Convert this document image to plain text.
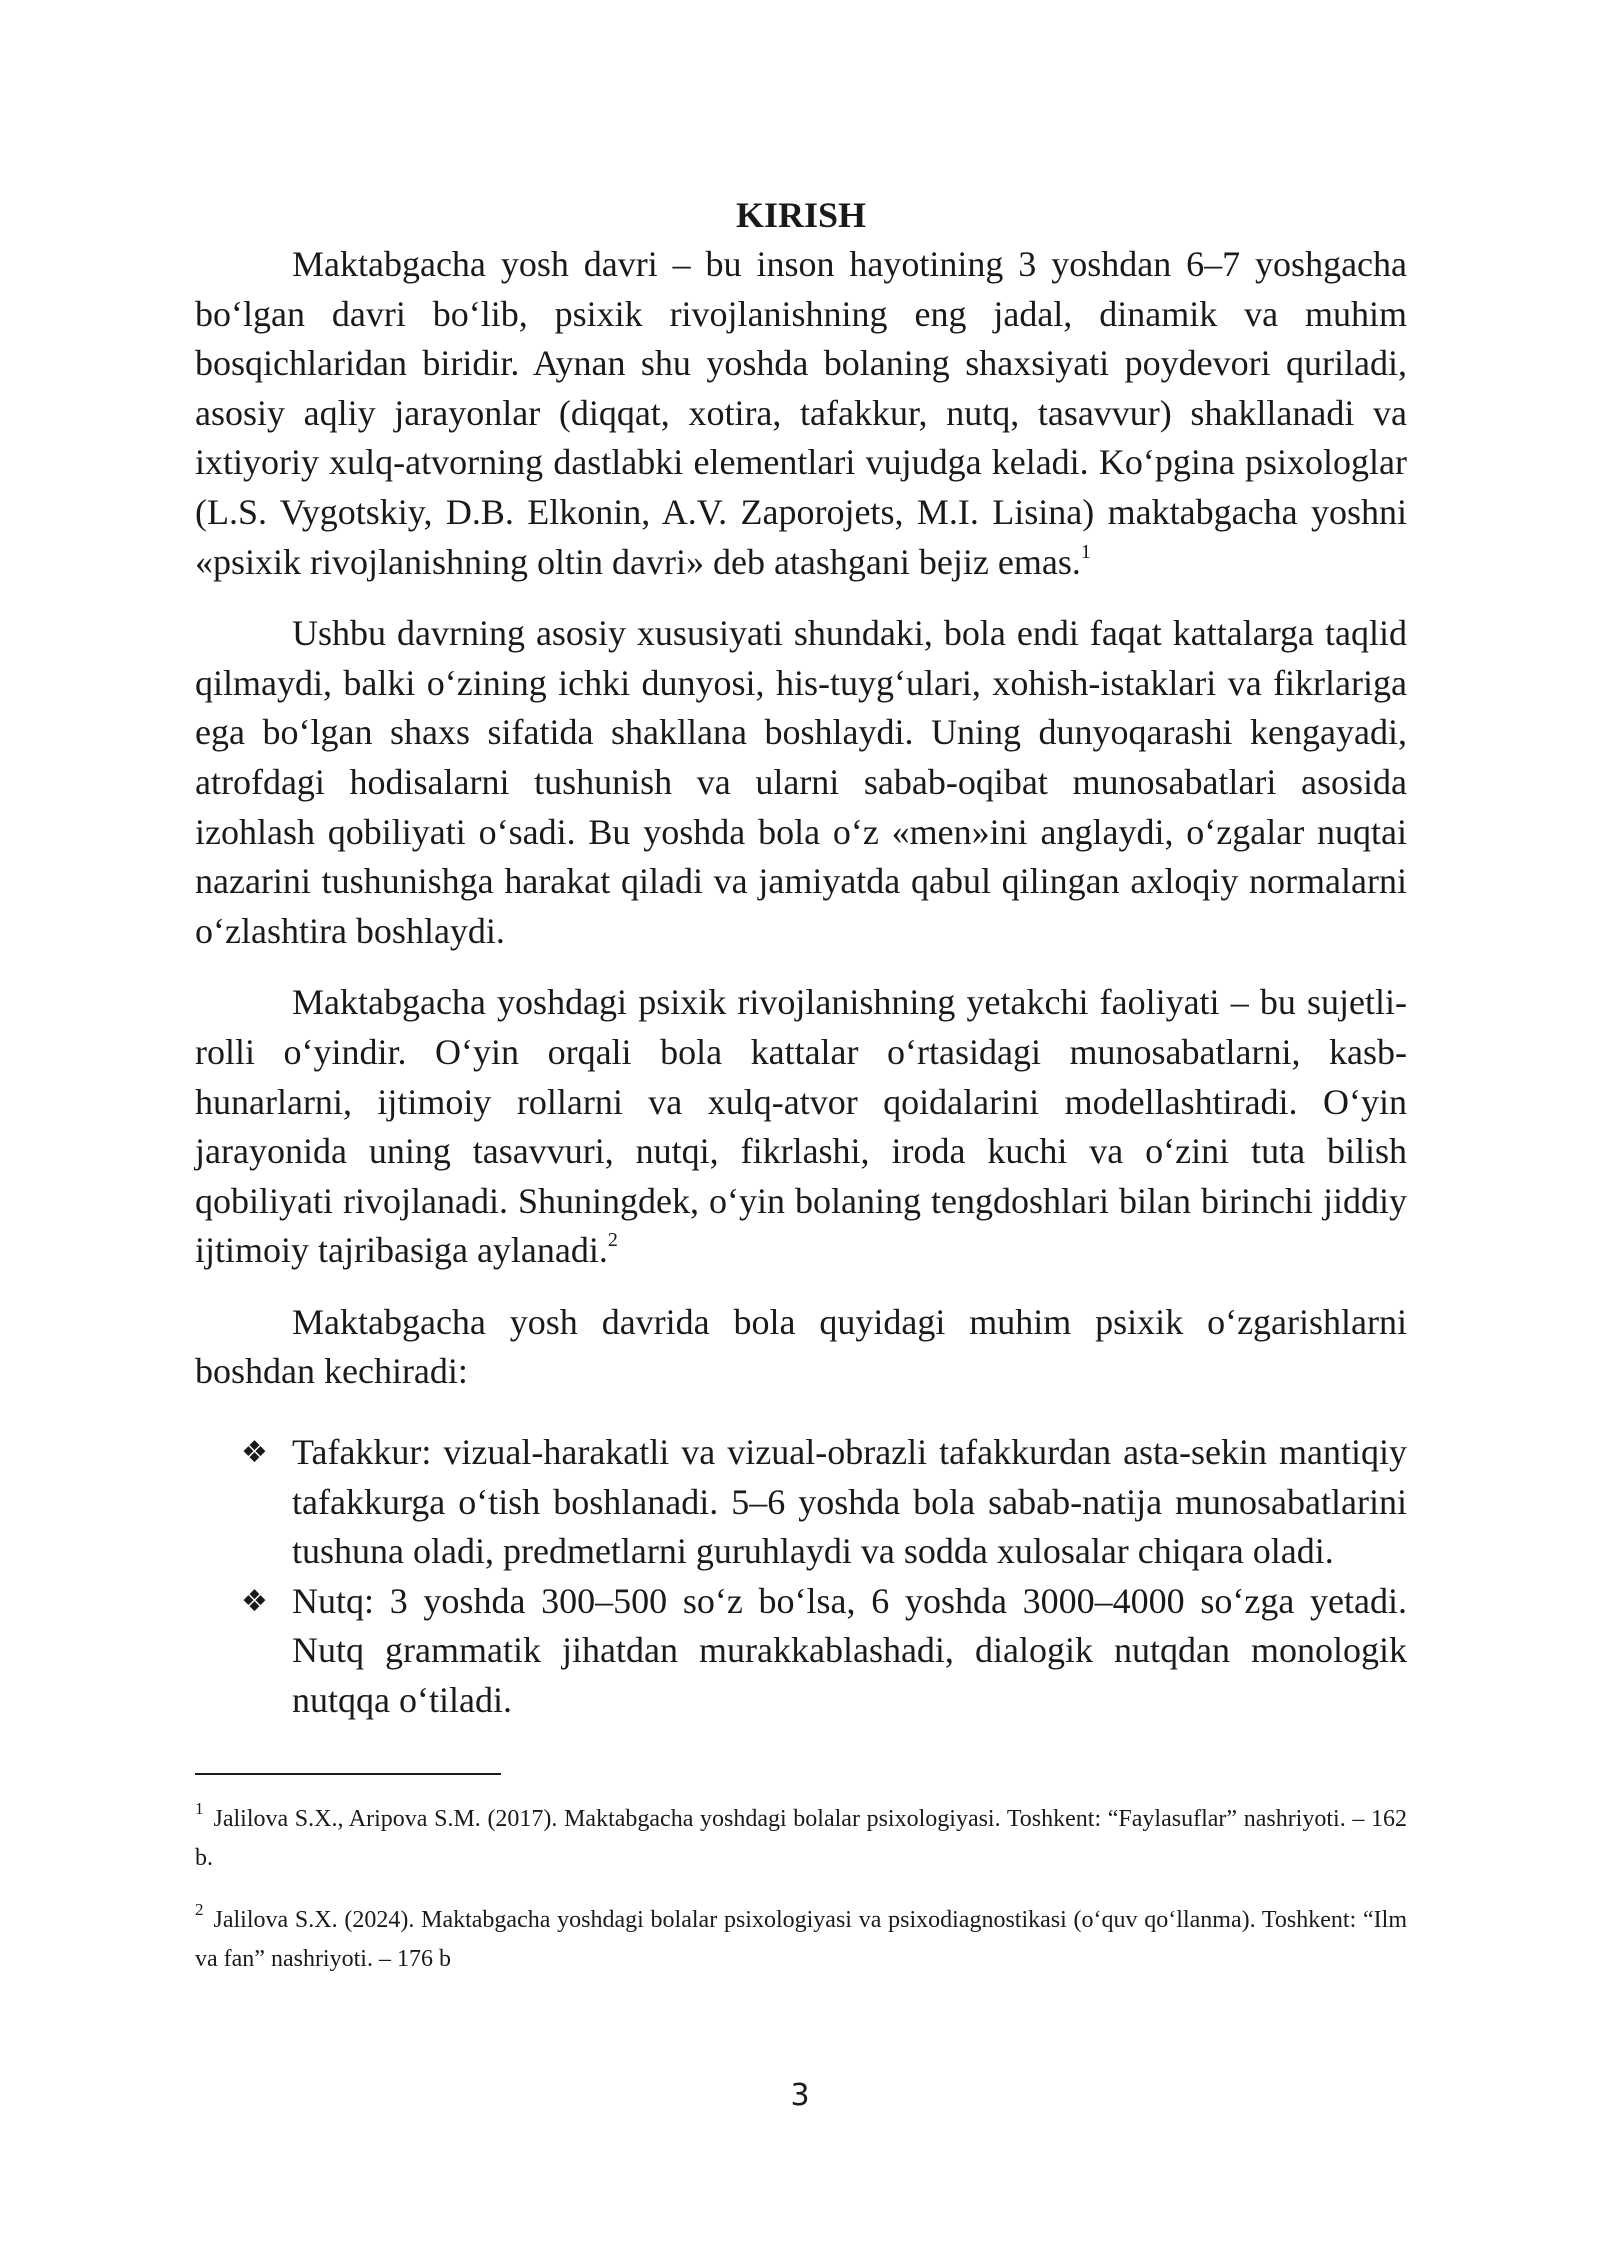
KIRISH

Maktabgacha yosh davri – bu inson hayotining 3 yoshdan 6–7 yoshgacha boʻlgan davri boʻlib, psixik rivojlanishning eng jadal, dinamik va muhim bosqichlaridan biridir. Aynan shu yoshda bolaning shaxsiyati poydevori quriladi, asosiy aqliy jarayonlar (diqqat, xotira, tafakkur, nutq, tasavvur) shakllanadi va ixtiyoriy xulq-atvorning dastlabki elementlari vujudga keladi. Koʻpgina psixologlar (L.S. Vygotskiy, D.B. Elkonin, A.V. Zaporojets, M.I. Lisina) maktabgacha yoshni «psixik rivojlanishning oltin davri» deb atashgani bejiz emas.$^1$

Ushbu davrning asosiy xususiyati shundaki, bola endi faqat kattalarga taqlid qilmaydi, balki oʻzining ichki dunyosi, his-tuygʻulari, xohish-istaklari va fikrlariga ega boʻlgan shaxs sifatida shakllana boshlaydi. Uning dunyoqarashi kengayadi, atrofdagi hodisalarni tushunish va ularni sabab-oqibat munosabatlari asosida izohlash qobiliyati oʻsadi. Bu yoshda bola oʻz «men»ini anglaydi, oʻzgalar nuqtai nazarini tushunishga harakat qiladi va jamiyatda qabul qilingan axloqiy normalarni oʻzlashtira boshlaydi.

Maktabgacha yoshdagi psixik rivojlanishning yetakchi faoliyati – bu sujetli-rolli oʻyindir. Oʻyin orqali bola kattalar oʻrtasidagi munosabatlarni, kasb-hunarlarni, ijtimoiy rollarni va xulq-atvor qoidalarini modellashtiradi. Oʻyin jarayonida uning tasavvuri, nutqi, fikrlashi, iroda kuchi va oʻzini tuta bilish qobiliyati rivojlanadi. Shuningdek, oʻyin bolaning tengdoshlari bilan birinchi jiddiy ijtimoiy tajribasiga aylanadi.$^2$

Maktabgacha yosh davrida bola quyidagi muhim psixik oʻzgarishlarni boshdan kechiradi:

❖ Tafakkur: vizual-harakatli va vizual-obrazli tafakkurdan asta-sekin mantiqiy tafakkurga oʻtish boshlanadi. 5–6 yoshda bola sabab-natija munosabatlarini tushuna oladi, predmetlarni guruhlaydi va sodda xulosalar chiqara oladi.
❖ Nutq: 3 yoshda 300–500 soʻz boʻlsa, 6 yoshda 3000–4000 soʻzga yetadi. Nutq grammatik jihatdan murakkablashadi, dialogik nutqdan monologik nutqqa oʻtiladi.

$^1$ Jalilova S.X., Aripova S.M. (2017). Maktabgacha yoshdagi bolalar psixologiyasi. Toshkent: “Faylasuflar” nashriyoti. – 162 b.

$^2$ Jalilova S.X. (2024). Maktabgacha yoshdagi bolalar psixologiyasi va psixodiagnostikasi (oʻquv qoʻllanma). Toshkent: “Ilm va fan” nashriyoti. – 176 b

3
